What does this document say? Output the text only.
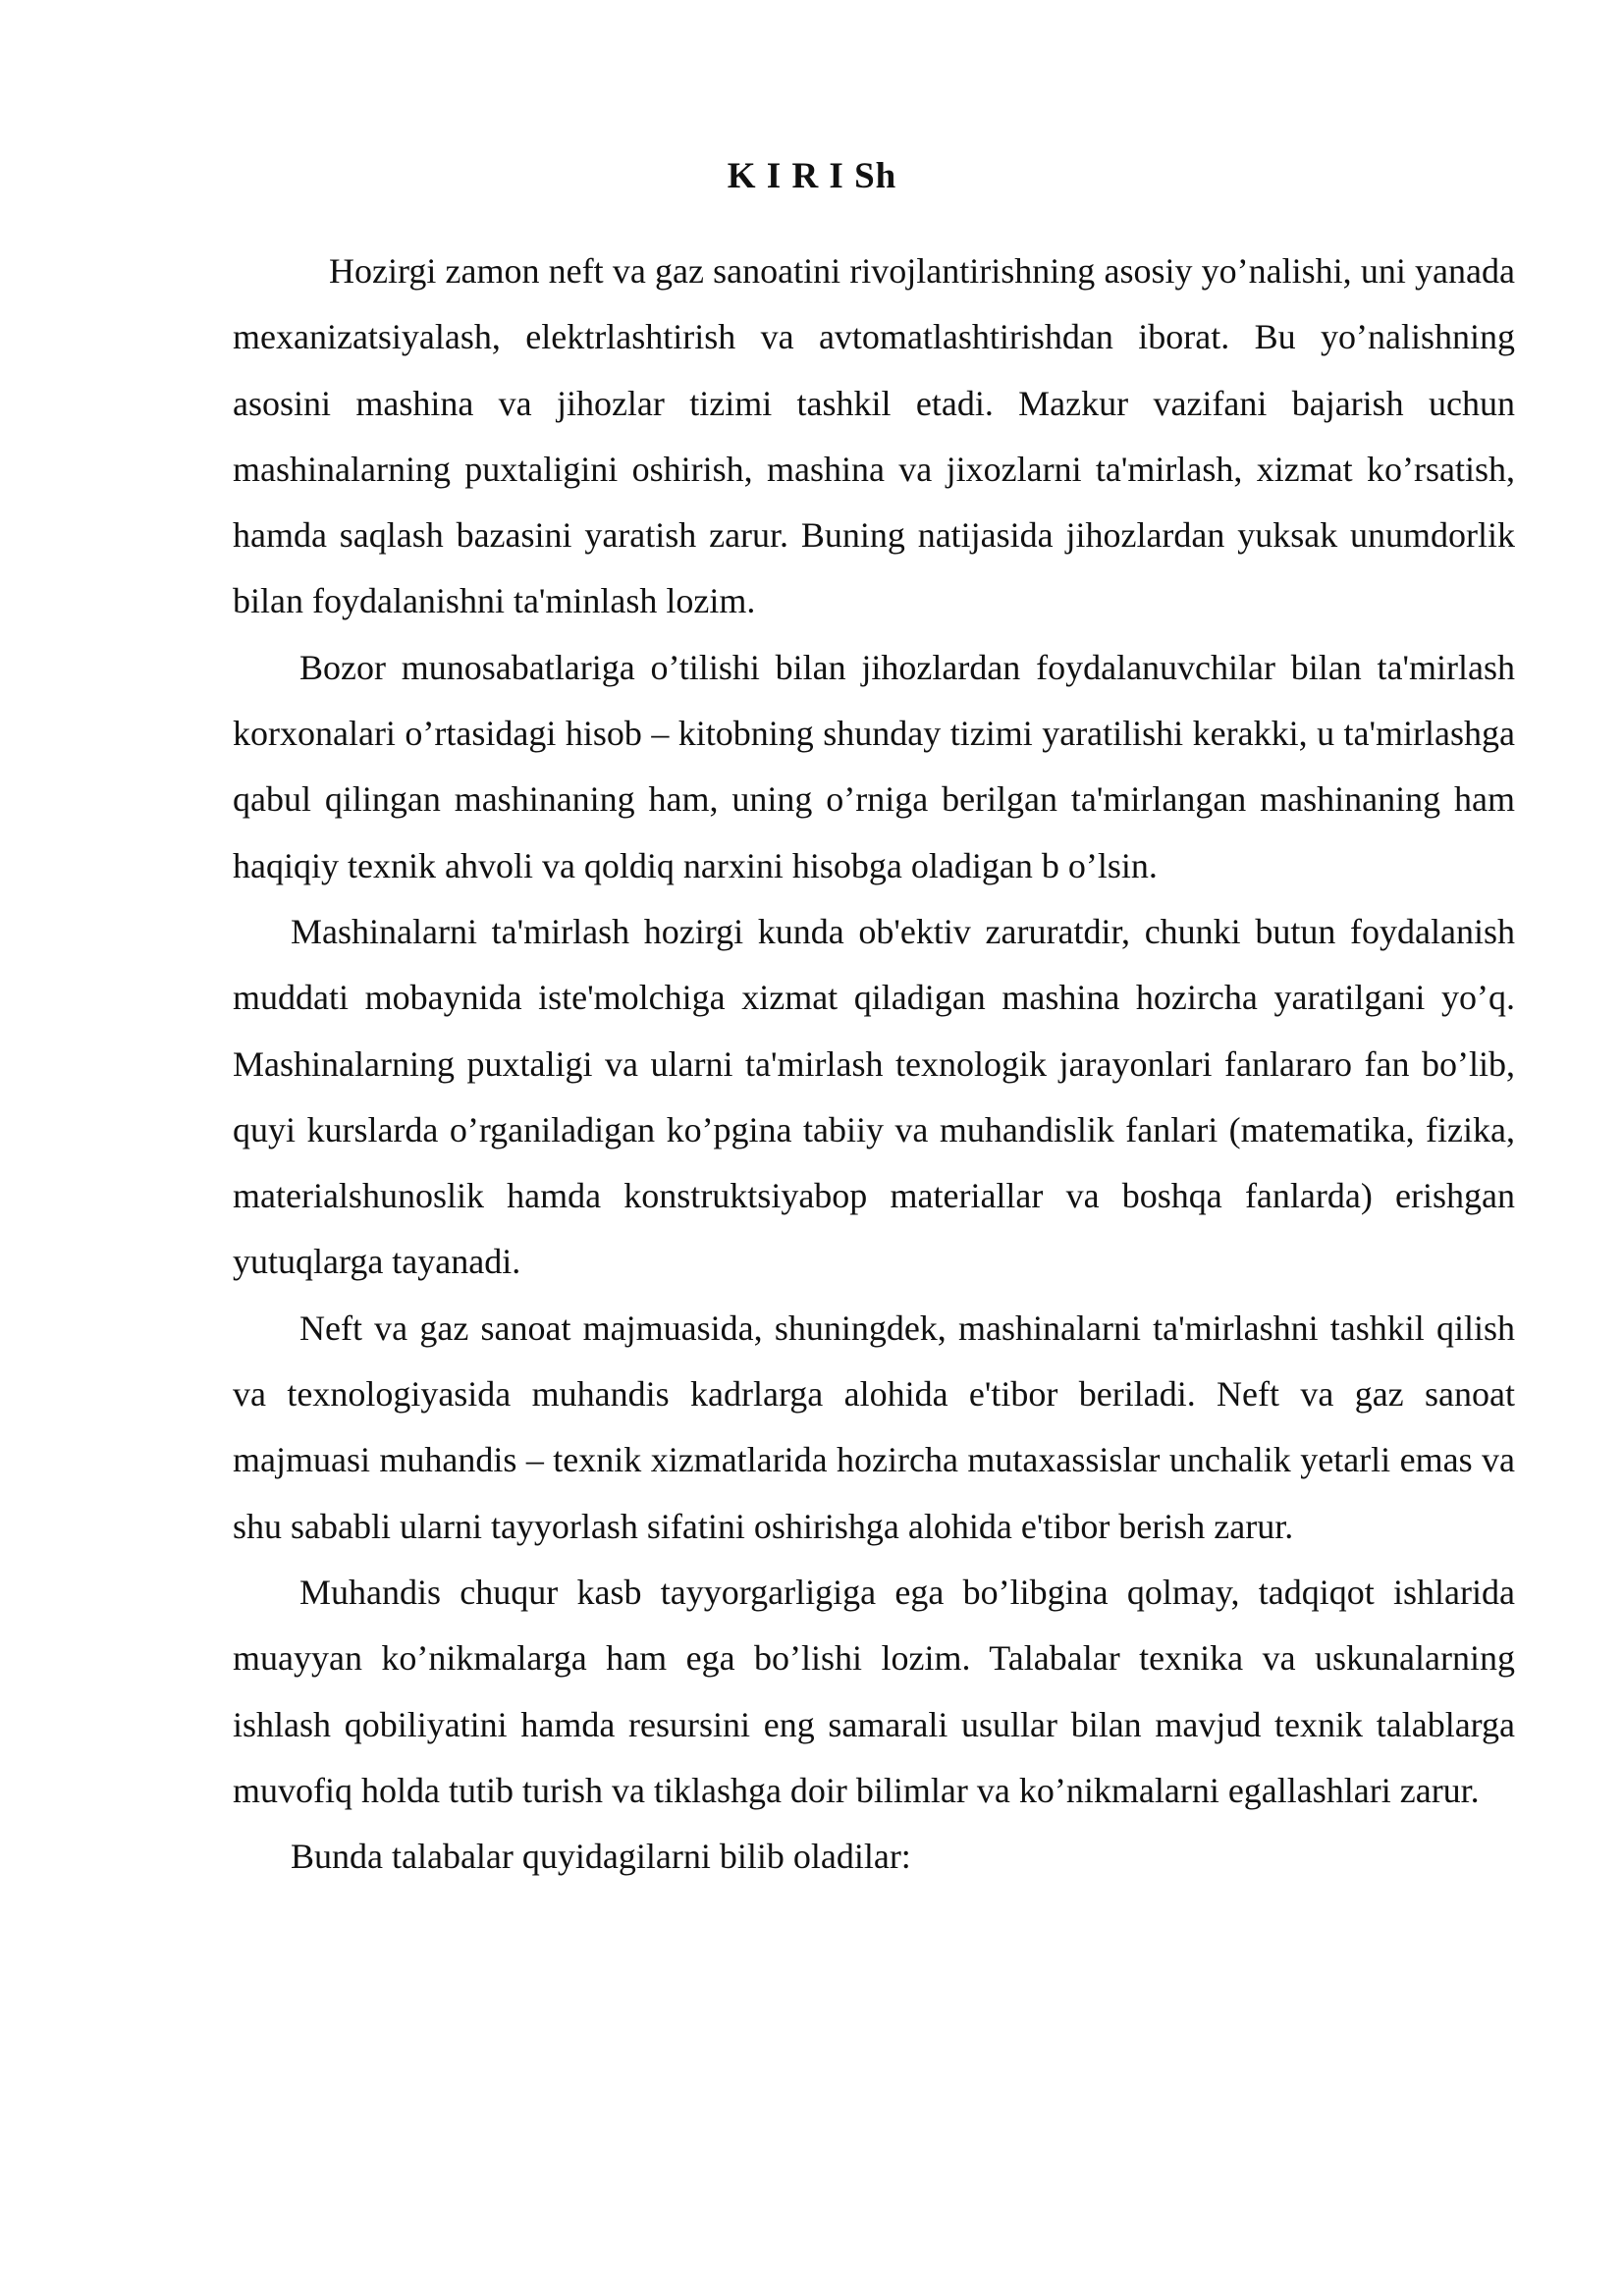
K I R I Sh

Hozirgi zamon neft va gaz sanoatini rivojlantirishning asosiy yo’nalishi, uni yanada mexanizatsiyalash, elektrlashtirish va avtomatlashtirishdan iborat. Bu yo’nalishning asosini mashina va jihozlar tizimi tashkil etadi. Mazkur vazifani bajarish uchun mashinalarning puxtaligini oshirish, mashina va jixozlarni ta'mirlash, xizmat ko’rsatish, hamda saqlash bazasini yaratish zarur. Buning natijasida jihozlardan yuksak unumdorlik bilan foydalanishni ta'minlash lozim.

Bozor munosabatlariga o’tilishi bilan jihozlardan foydalanuvchilar bilan ta'mirlash korxonalari o’rtasidagi hisob – kitobning shunday tizimi yaratilishi kerakki, u ta'mirlashga qabul qilingan mashinaning ham, uning o’rniga berilgan ta'mirlangan mashinaning ham haqiqiy texnik ahvoli va qoldiq narxini hisobga oladigan b o’lsin.

Mashinalarni ta'mirlash hozirgi kunda ob'ektiv zaruratdir, chunki butun foydalanish muddati mobaynida iste'molchiga xizmat qiladigan mashina hozircha yaratilgani yo’q. Mashinalarning puxtaligi va ularni ta'mirlash texnologik jarayonlari fanlararo fan bo’lib, quyi kurslarda o’rganiladigan ko’pgina tabiiy va muhandislik fanlari (matematika, fizika, materialshunoslik hamda konstruktsiyabop materiallar va boshqa fanlarda) erishgan yutuqlarga tayanadi.

Neft va gaz sanoat majmuasida, shuningdek, mashinalarni ta'mirlashni tashkil qilish va texnologiyasida muhandis kadrlarga alohida e'tibor beriladi. Neft va gaz sanoat majmuasi muhandis – texnik xizmatlarida hozircha mutaxassislar unchalik yetarli emas va shu sababli ularni tayyorlash sifatini oshirishga alohida e'tibor berish zarur.

Muhandis chuqur kasb tayyorgarligiga ega bo’libgina qolmay, tadqiqot ishlarida muayyan ko’nikmalarga ham ega bo’lishi lozim. Talabalar texnika va uskunalarning ishlash qobiliyatini hamda resursini eng samarali usullar bilan mavjud texnik talablarga muvofiq holda tutib turish va tiklashga doir bilimlar va ko’nikmalarni egallashlari zarur.

Bunda talabalar quyidagilarni bilib oladilar:
